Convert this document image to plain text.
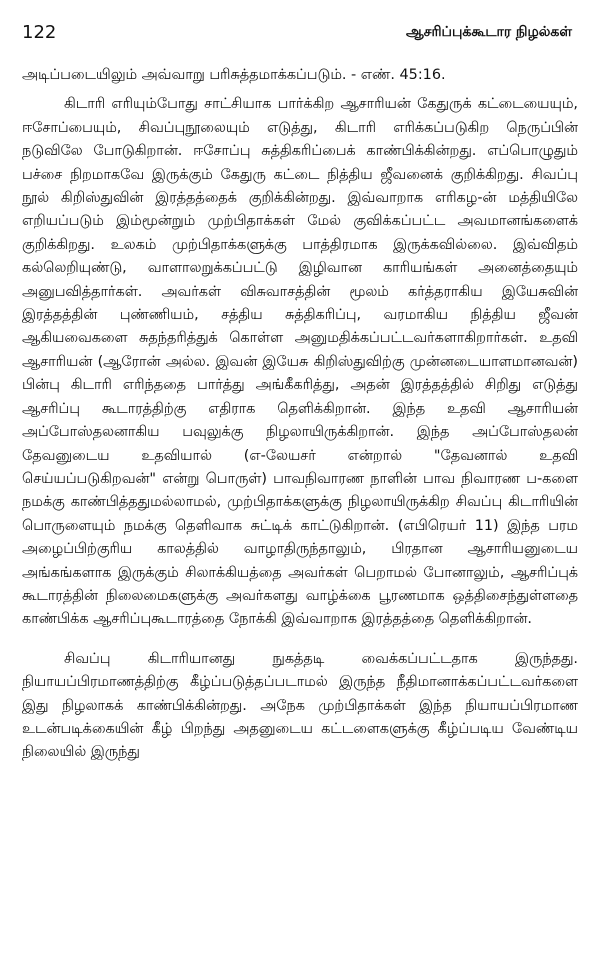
122	ஆசரிப்புக்கூடார நிழல்கள்

அடிப்படையிலும் அவ்வாறு பரிசுத்தமாக்கப்படும். - எண். 45:16.

கிடாரி எரியும்போது சாட்சியாக பார்க்கிற ஆசாரியன் கேதுருக் கட்டையையும், ஈசோப்பையும், சிவப்புநூலையும் எடுத்து, கிடாரி எரிக்கப்படுகிற நெருப்பின் நடுவிலே போடுகிறான். ஈசோப்பு சுத்திகரிப்பைக் காண்பிக்கின்றது. எப்பொழுதும் பச்சை நிறமாகவே இருக்கும் கேதுரு கட்டை நித்திய ஜீவனைக் குறிக்கிறது. சிவப்பு நூல் கிறிஸ்துவின் இரத்தத்தைக் குறிக்கின்றது. இவ்வாறாக எரிகழ-ன் மத்தியிலே எறியப்படும் இம்மூன்றும் முற்பிதாக்கள் மேல் குவிக்கப்பட்ட அவமானங்களைக் குறிக்கிறது. உலகம் முற்பிதாக்களுக்கு பாத்திரமாக இருக்கவில்லை. இவ்விதம் கல்லெறியுண்டு, வாளாலறுக்கப்பட்டு இழிவான காரியங்கள் அனைத்தையும் அனுபவித்தார்கள். அவர்கள் விசுவாசத்தின் மூலம் கர்த்தராகிய இயேசுவின் இரத்தத்தின் புண்ணியம், சத்திய சுத்திகரிப்பு, வரமாகிய நித்திய ஜீவன் ஆகியவைகளை சுதந்தரித்துக் கொள்ள அனுமதிக்கப்பட்டவர்களாகிறார்கள். உதவி ஆசாரியன் (ஆரோன் அல்ல. இவன் இயேசு கிறிஸ்துவிற்கு முன்னடையாளமானவன்) பின்பு கிடாரி எரிந்ததை பார்த்து அங்கீகரித்து, அதன் இரத்தத்தில் சிறிது எடுத்து ஆசரிப்பு கூடாரத்திற்கு எதிராக தெளிக்கிறான். இந்த உதவி ஆசாரியன் அப்போஸ்தலனாகிய பவுலுக்கு நிழலாயிருக்கிறான். இந்த அப்போஸ்தலன் தேவனுடைய உதவியால் (எ-லேயசர் என்றால் "தேவனால் உதவி செய்யப்படுகிறவன்" என்று பொருள்) பாவநிவாரண நாளின் பாவ நிவாரண ப-களை நமக்கு காண்பித்ததுமல்லாமல், முற்பிதாக்களுக்கு நிழலாயிருக்கிற சிவப்பு கிடாரியின் பொருளையும் நமக்கு தெளிவாக சுட்டிக் காட்டுகிறான். (எபிரெயர் 11) இந்த பரம அழைப்பிற்குரிய காலத்தில் வாழாதிருந்தாலும், பிரதான ஆசாரியனுடைய அங்கங்களாக இருக்கும் சிலாக்கியத்தை அவர்கள் பெறாமல் போனாலும், ஆசரிப்புக் கூடாரத்தின் நிலைமைகளுக்கு அவர்களது வாழ்க்கை பூரணமாக ஒத்திசைந்துள்ளதை காண்பிக்க ஆசரிப்புகூடாரத்தை நோக்கி இவ்வாறாக இரத்தத்தை தெளிக்கிறான்.

சிவப்பு கிடாரியானது நுகத்தடி வைக்கப்பட்டதாக இருந்தது. நியாயப்பிரமாணத்திற்கு கீழ்ப்படுத்தப்படாமல் இருந்த நீதிமானாக்கப்பட்டவர்களை இது நிழலாகக் காண்பிக்கின்றது. அநேக முற்பிதாக்கள் இந்த நியாயப்பிரமாண உடன்படிக்கையின் கீழ் பிறந்து அதனுடைய கட்டளைகளுக்கு கீழ்ப்படிய வேண்டிய நிலையில் இருந்து
